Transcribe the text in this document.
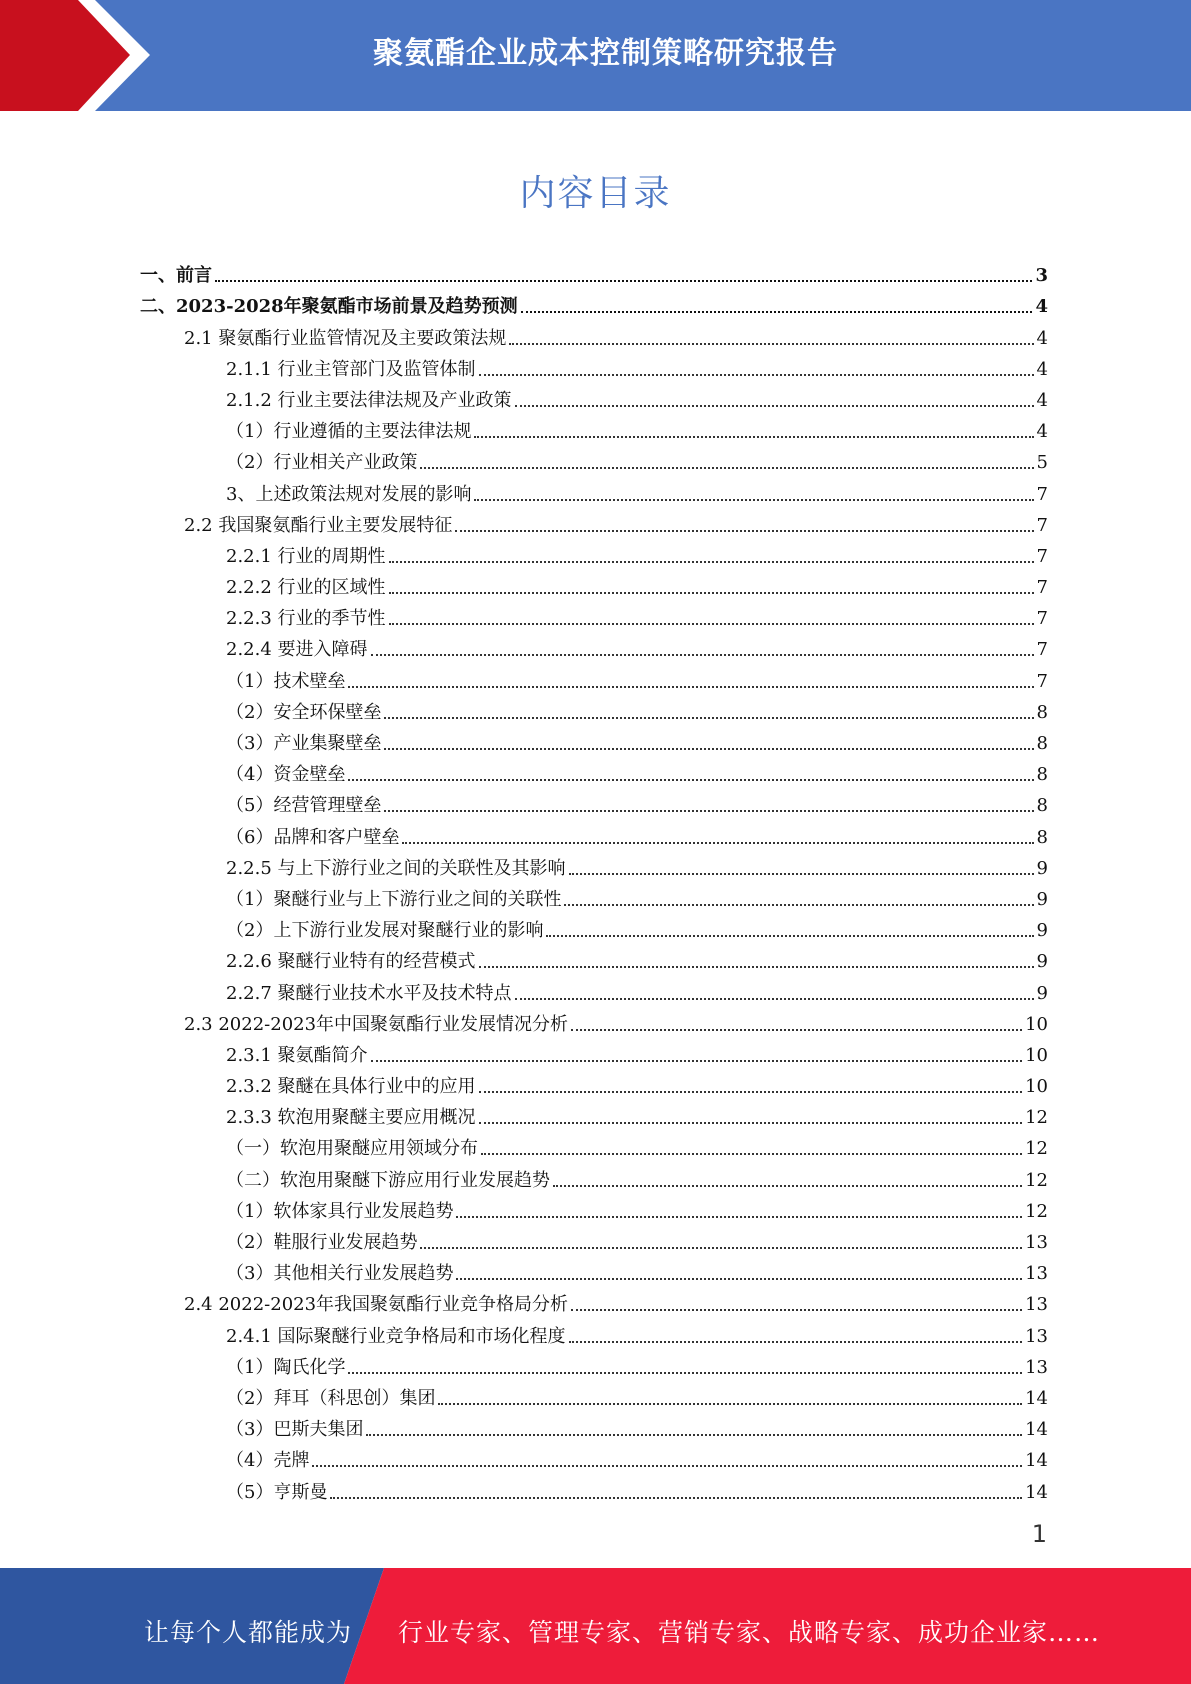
聚氨酯企业成本控制策略研究报告
内容目录
一、前言	3
二、2023-2028年聚氨酯市场前景及趋势预测	4
2.1 聚氨酯行业监管情况及主要政策法规	4
2.1.1 行业主管部门及监管体制	4
2.1.2 行业主要法律法规及产业政策	4
（1）行业遵循的主要法律法规	4
（2）行业相关产业政策	5
3、上述政策法规对发展的影响	7
2.2 我国聚氨酯行业主要发展特征	7
2.2.1 行业的周期性	7
2.2.2 行业的区域性	7
2.2.3 行业的季节性	7
2.2.4 要进入障碍	7
（1）技术壁垒	7
（2）安全环保壁垒	8
（3）产业集聚壁垒	8
（4）资金壁垒	8
（5）经营管理壁垒	8
（6）品牌和客户壁垒	8
2.2.5 与上下游行业之间的关联性及其影响	9
（1）聚醚行业与上下游行业之间的关联性	9
（2）上下游行业发展对聚醚行业的影响	9
2.2.6 聚醚行业特有的经营模式	9
2.2.7 聚醚行业技术水平及技术特点	9
2.3 2022-2023年中国聚氨酯行业发展情况分析	10
2.3.1 聚氨酯简介	10
2.3.2 聚醚在具体行业中的应用	10
2.3.3 软泡用聚醚主要应用概况	12
（一）软泡用聚醚应用领域分布	12
（二）软泡用聚醚下游应用行业发展趋势	12
（1）软体家具行业发展趋势	12
（2）鞋服行业发展趋势	13
（3）其他相关行业发展趋势	13
2.4 2022-2023年我国聚氨酯行业竞争格局分析	13
2.4.1 国际聚醚行业竞争格局和市场化程度	13
（1）陶氏化学	13
（2）拜耳（科思创）集团	14
（3）巴斯夫集团	14
（4）壳牌	14
（5）亨斯曼	14
1
让每个人都能成为 行业专家、管理专家、营销专家、战略专家、成功企业家……
